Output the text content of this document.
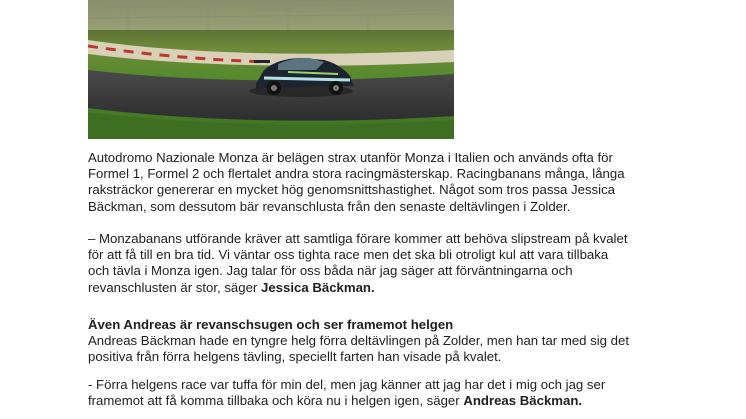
Autodromo Nazionale Monza är belägen strax utanför Monza i Italien och används ofta för
Formel 1, Formel 2 och flertalet andra stora racingmästerskap. Racingbanans många, långa
raksträckor genererar en mycket hög genomsnittshastighet. Något som tros passa Jessica
Bäckman, som dessutom bär revanschlusta från den senaste deltävlingen i Zolder.

– Monzabanans utförande kräver att samtliga förare kommer att behöva slipstream på kvalet
för att få till en bra tid. Vi väntar oss tighta race men det ska bli otroligt kul att vara tillbaka
och tävla i Monza igen. Jag talar för oss båda när jag säger att förväntningarna och
revanschlusten är stor, säger Jessica Bäckman.

Även Andreas är revanschsugen och ser framemot helgen
Andreas Bäckman hade en tyngre helg förra deltävlingen på Zolder, men han tar med sig det
positiva från förra helgens tävling, speciellt farten han visade på kvalet.

- Förra helgens race var tuffa för min del, men jag känner att jag har det i mig och jag ser
framemot att få komma tillbaka och köra nu i helgen igen, säger Andreas Bäckman.
